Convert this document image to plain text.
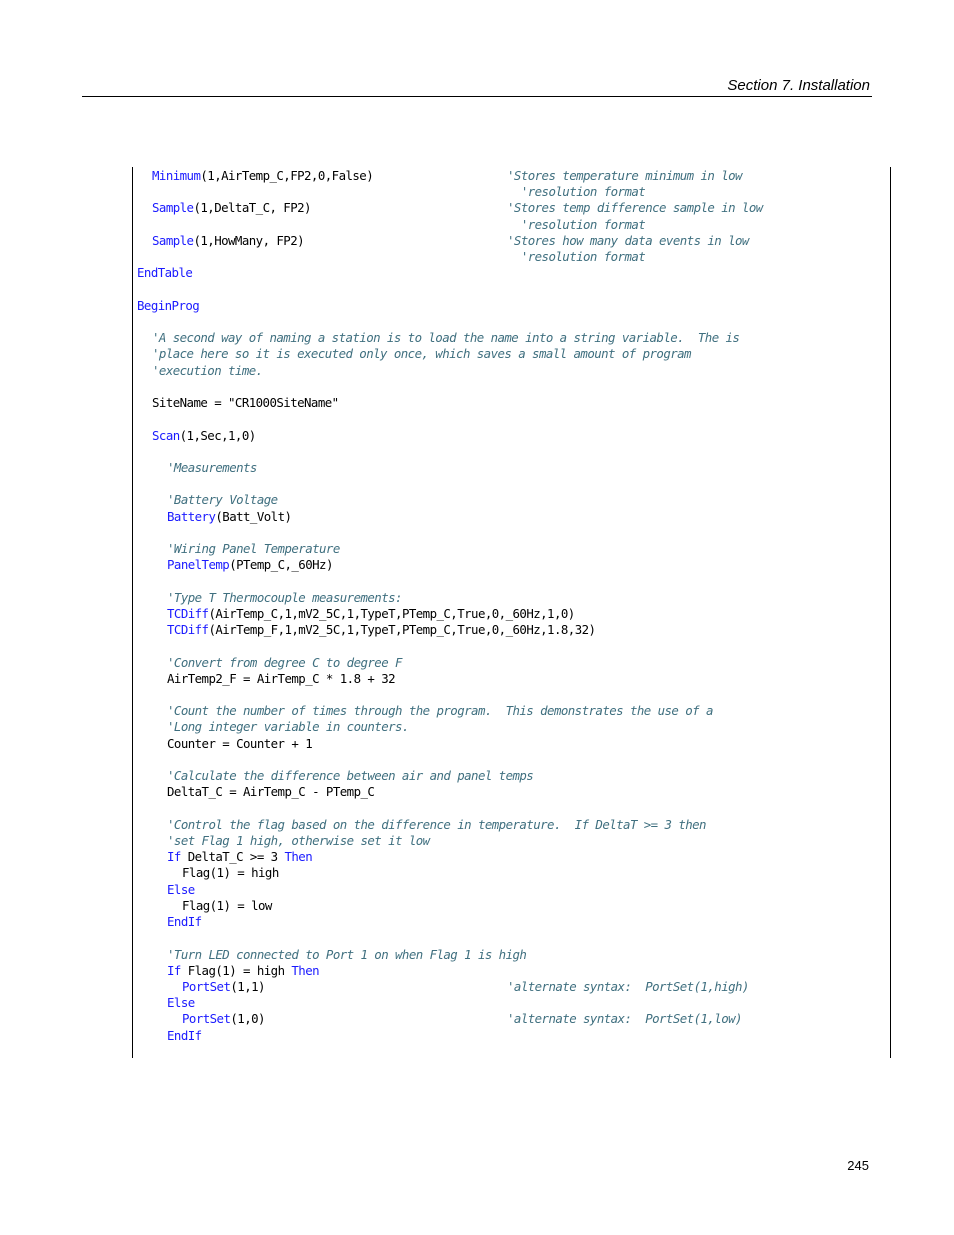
Section 7. Installation
Minimum(1,AirTemp_C,FP2,0,False)	'Stores temperature minimum in low
'resolution format
Sample(1,DeltaT_C, FP2)	'Stores temp difference sample in low
'resolution format
Sample(1,HowMany, FP2)	'Stores how many data events in low
'resolution format
EndTable
BeginProg
'A second way of naming a station is to load the name into a string variable.  The is
'place here so it is executed only once, which saves a small amount of program
'execution time.
SiteName = "CR1000SiteName"
Scan(1,Sec,1,0)
'Measurements
'Battery Voltage
Battery(Batt_Volt)
'Wiring Panel Temperature
PanelTemp(PTemp_C,_60Hz)
'Type T Thermocouple measurements:
TCDiff(AirTemp_C,1,mV2_5C,1,TypeT,PTemp_C,True,0,_60Hz,1,0)
TCDiff(AirTemp_F,1,mV2_5C,1,TypeT,PTemp_C,True,0,_60Hz,1.8,32)
'Convert from degree C to degree F
AirTemp2_F = AirTemp_C * 1.8 + 32
'Count the number of times through the program.  This demonstrates the use of a
'Long integer variable in counters.
Counter = Counter + 1
'Calculate the difference between air and panel temps
DeltaT_C = AirTemp_C - PTemp_C
'Control the flag based on the difference in temperature.  If DeltaT >= 3 then
'set Flag 1 high, otherwise set it low
If DeltaT_C >= 3 Then
Flag(1) = high
Else
Flag(1) = low
EndIf
'Turn LED connected to Port 1 on when Flag 1 is high
If Flag(1) = high Then
PortSet(1,1)	'alternate syntax:  PortSet(1,high)
Else
PortSet(1,0)	'alternate syntax:  PortSet(1,low)
EndIf
245
